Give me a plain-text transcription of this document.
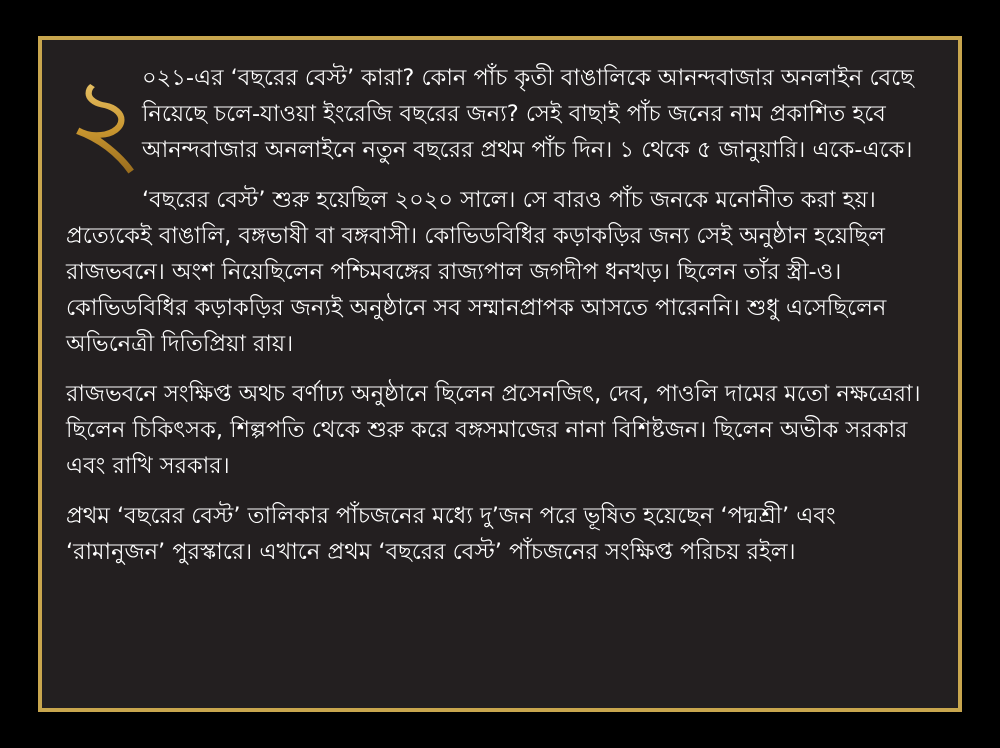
২
০২১-এর ‘বছরের বেস্ট’ কারা? কোন পাঁচ কৃতী বাঙালিকে আনন্দবাজার অনলাইন বেছে নিয়েছে চলে-যাওয়া ইংরেজি বছরের জন্য? সেই বাছাই পাঁচ জনের নাম প্রকাশিত হবে আনন্দবাজার অনলাইনে নতুন বছরের প্রথম পাঁচ দিন। ১ থেকে ৫ জানুয়ারি। একে-একে।

‘বছরের বেস্ট’ শুরু হয়েছিল ২০২০ সালে। সে বারও পাঁচ জনকে মনোনীত করা হয়। প্রত্যেকেই বাঙালি, বঙ্গভাষী বা বঙ্গবাসী। কোভিডবিধির কড়াকড়ির জন্য সেই অনুষ্ঠান হয়েছিল রাজভবনে। অংশ নিয়েছিলেন পশ্চিমবঙ্গের রাজ্যপাল জগদীপ ধনখড়। ছিলেন তাঁর স্ত্রী-ও। কোভিডবিধির কড়াকড়ির জন্যই অনুষ্ঠানে সব সম্মানপ্রাপক আসতে পারেননি। শুধু এসেছিলেন অভিনেত্রী দিতিপ্রিয়া রায়।

রাজভবনে সংক্ষিপ্ত অথচ বর্ণাঢ্য অনুষ্ঠানে ছিলেন প্রসেনজিৎ, দেব, পাওলি দামের মতো নক্ষত্রেরা। ছিলেন চিকিৎসক, শিল্পপতি থেকে শুরু করে বঙ্গসমাজের নানা বিশিষ্টজন। ছিলেন অভীক সরকার এবং রাখি সরকার।

প্রথম ‘বছরের বেস্ট’ তালিকার পাঁচজনের মধ্যে দু’জন পরে ভূষিত হয়েছেন ‘পদ্মশ্রী’ এবং ‘রামানুজন’ পুরস্কারে। এখানে প্রথম ‘বছরের বেস্ট’ পাঁচজনের সংক্ষিপ্ত পরিচয় রইল।
